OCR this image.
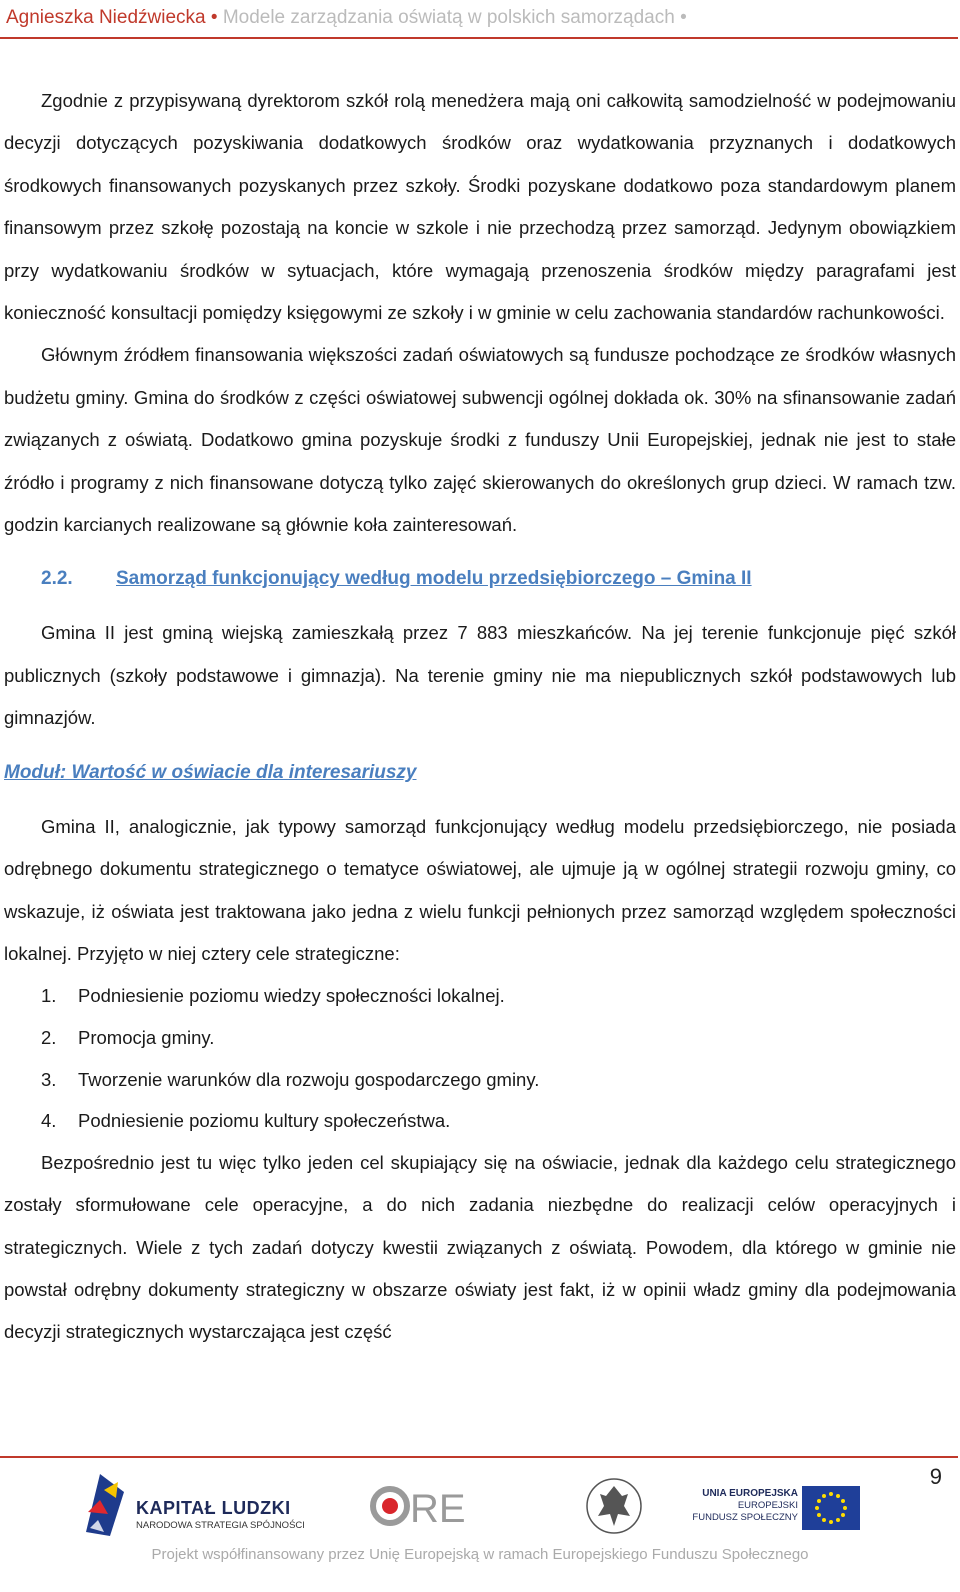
Agnieszka Niedźwiecka • Modele zarządzania oświatą w polskich samorządach •

Zgodnie z przypisywaną dyrektorom szkół rolą menedżera mają oni całkowitą samodzielność w podejmowaniu decyzji dotyczących pozyskiwania dodatkowych środków oraz wydatkowania przyznanych i dodatkowych środkowych finansowanych pozyskanych przez szkoły. Środki pozyskane dodatkowo poza standardowym planem finansowym przez szkołę pozostają na koncie w szkole i nie przechodzą przez samorząd. Jedynym obowiązkiem przy wydatkowaniu środków w sytuacjach, które wymagają przenoszenia środków między paragrafami jest konieczność konsultacji pomiędzy księgowymi ze szkoły i w gminie w celu zachowania standardów rachunkowości.

Głównym źródłem finansowania większości zadań oświatowych są fundusze pochodzące ze środków własnych budżetu gminy. Gmina do środków z części oświatowej subwencji ogólnej dokłada ok. 30% na sfinansowanie zadań związanych z oświatą. Dodatkowo gmina pozyskuje środki z funduszy Unii Europejskiej, jednak nie jest to stałe źródło i programy z nich finansowane dotyczą tylko zajęć skierowanych do określonych grup dzieci. W ramach tzw. godzin karcianych realizowane są głównie koła zainteresowań.

2.2.	Samorząd funkcjonujący według modelu przedsiębiorczego – Gmina II

Gmina II jest gminą wiejską zamieszkałą przez 7 883 mieszkańców. Na jej terenie funkcjonuje pięć szkół publicznych (szkoły podstawowe i gimnazja). Na terenie gminy nie ma niepublicznych szkół podstawowych lub gimnazjów.

Moduł: Wartość w oświacie dla interesariuszy

Gmina II, analogicznie, jak typowy samorząd funkcjonujący według modelu przedsiębiorczego, nie posiada odrębnego dokumentu strategicznego o tematyce oświatowej, ale ujmuje ją w ogólnej strategii rozwoju gminy, co wskazuje, iż oświata jest traktowana jako jedna z wielu funkcji pełnionych przez samorząd względem społeczności lokalnej. Przyjęto w niej cztery cele strategiczne:

1.	Podniesienie poziomu wiedzy społeczności lokalnej.
2.	Promocja gminy.
3.	Tworzenie warunków dla rozwoju gospodarczego gminy.
4.	Podniesienie poziomu kultury społeczeństwa.

Bezpośrednio jest tu więc tylko jeden cel skupiający się na oświacie, jednak dla każdego celu strategicznego zostały sformułowane cele operacyjne, a do nich zadania niezbędne do realizacji celów operacyjnych i strategicznych. Wiele z tych zadań dotyczy kwestii związanych z oświatą. Powodem, dla którego w gminie nie powstał odrębny dokumenty strategiczny w obszarze oświaty jest fakt, iż w opinii władz gminy dla podejmowania decyzji strategicznych wystarczająca jest część

9
KAPITAŁ LUDZKI
NARODOWA STRATEGIA SPÓJNOŚCI	RE	UNIA EUROPEJSKA
EUROPEJSKI
FUNDUSZ SPOŁECZNY
Projekt współfinansowany przez Unię Europejską w ramach Europejskiego Funduszu Społecznego
